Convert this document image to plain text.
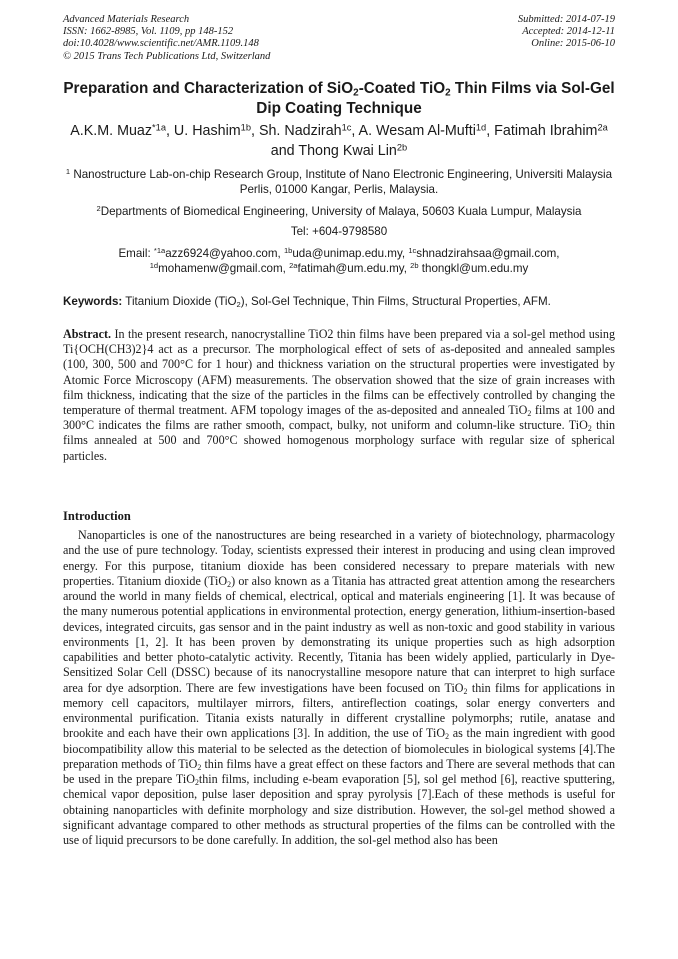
Advanced Materials Research
ISSN: 1662-8985, Vol. 1109, pp 148-152
doi:10.4028/www.scientific.net/AMR.1109.148
© 2015 Trans Tech Publications Ltd, Switzerland
Submitted: 2014-07-19
Accepted: 2014-12-11
Online: 2015-06-10
Preparation and Characterization of SiO$_2$-Coated TiO$_2$ Thin Films via Sol-Gel Dip Coating Technique
A.K.M. Muaz$^{*1a}$, U. Hashim$^{1b}$, Sh. Nadzirah$^{1c}$, A. Wesam Al-Mufti$^{1d}$, Fatimah Ibrahim$^{2a}$ and Thong Kwai Lin$^{2b}$
$^1$ Nanostructure Lab-on-chip Research Group, Institute of Nano Electronic Engineering, Universiti Malaysia Perlis, 01000 Kangar, Perlis, Malaysia.
$^2$Departments of Biomedical Engineering, University of Malaya, 50603 Kuala Lumpur, Malaysia
Tel: +604-9798580
Email: $^{*1a}$azz6924@yahoo.com, $^{1b}$uda@unimap.edu.my, $^{1c}$shnadzirahsaa@gmail.com, $^{1d}$mohamenw@gmail.com, $^{2a}$fatimah@um.edu.my, $^{2b}$ thongkl@um.edu.my
Keywords: Titanium Dioxide (TiO$_2$), Sol-Gel Technique, Thin Films, Structural Properties, AFM.
Abstract. In the present research, nanocrystalline TiO2 thin films have been prepared via a sol-gel method using Ti{OCH(CH3)2}4 act as a precursor. The morphological effect of sets of as-deposited and annealed samples (100, 300, 500 and 700°C for 1 hour) and thickness variation on the structural properties were investigated by Atomic Force Microscopy (AFM) measurements. The observation showed that the size of grain increases with film thickness, indicating that the size of the particles in the films can be effectively controlled by changing the temperature of thermal treatment. AFM topology images of the as-deposited and annealed TiO$_2$ films at 100 and 300°C indicates the films are rather smooth, compact, bulky, not uniform and column-like structure. TiO$_2$ thin films annealed at 500 and 700°C showed homogenous morphology surface with regular size of spherical particles.
Introduction
Nanoparticles is one of the nanostructures are being researched in a variety of biotechnology, pharmacology and the use of pure technology. Today, scientists expressed their interest in producing and using clean improved energy. For this purpose, titanium dioxide has been considered necessary to prepare materials with new properties. Titanium dioxide (TiO$_2$) or also known as a Titania has attracted great attention among the researchers around the world in many fields of chemical, electrical, optical and materials engineering [1]. It was because of the many numerous potential applications in environmental protection, energy generation, lithium-insertion-based devices, integrated circuits, gas sensor and in the paint industry as well as non-toxic and good stability in various environments [1, 2]. It has been proven by demonstrating its unique properties such as high adsorption capabilities and better photo-catalytic activity. Recently, Titania has been widely applied, particularly in Dye-Sensitized Solar Cell (DSSC) because of its nanocrystalline mesopore nature that can interpret to high surface area for dye adsorption. There are few investigations have been focused on TiO$_2$ thin films for applications in memory cell capacitors, multilayer mirrors, filters, antireflection coatings, solar energy converters and environmental purification. Titania exists naturally in different crystalline polymorphs; rutile, anatase and brookite and each have their own applications [3]. In addition, the use of TiO$_2$ as the main ingredient with good biocompatibility allow this material to be selected as the detection of biomolecules in biological systems [4].The preparation methods of TiO$_2$ thin films have a great effect on these factors and There are several methods that can be used in the prepare TiO$_2$thin films, including e-beam evaporation [5], sol gel method [6], reactive sputtering, chemical vapor deposition, pulse laser deposition and spray pyrolysis [7].Each of these methods is useful for obtaining nanoparticles with definite morphology and size distribution. However, the sol-gel method showed a significant advantage compared to other methods as structural properties of the films can be controlled with the use of liquid precursors to be done carefully. In addition, the sol-gel method also has been
